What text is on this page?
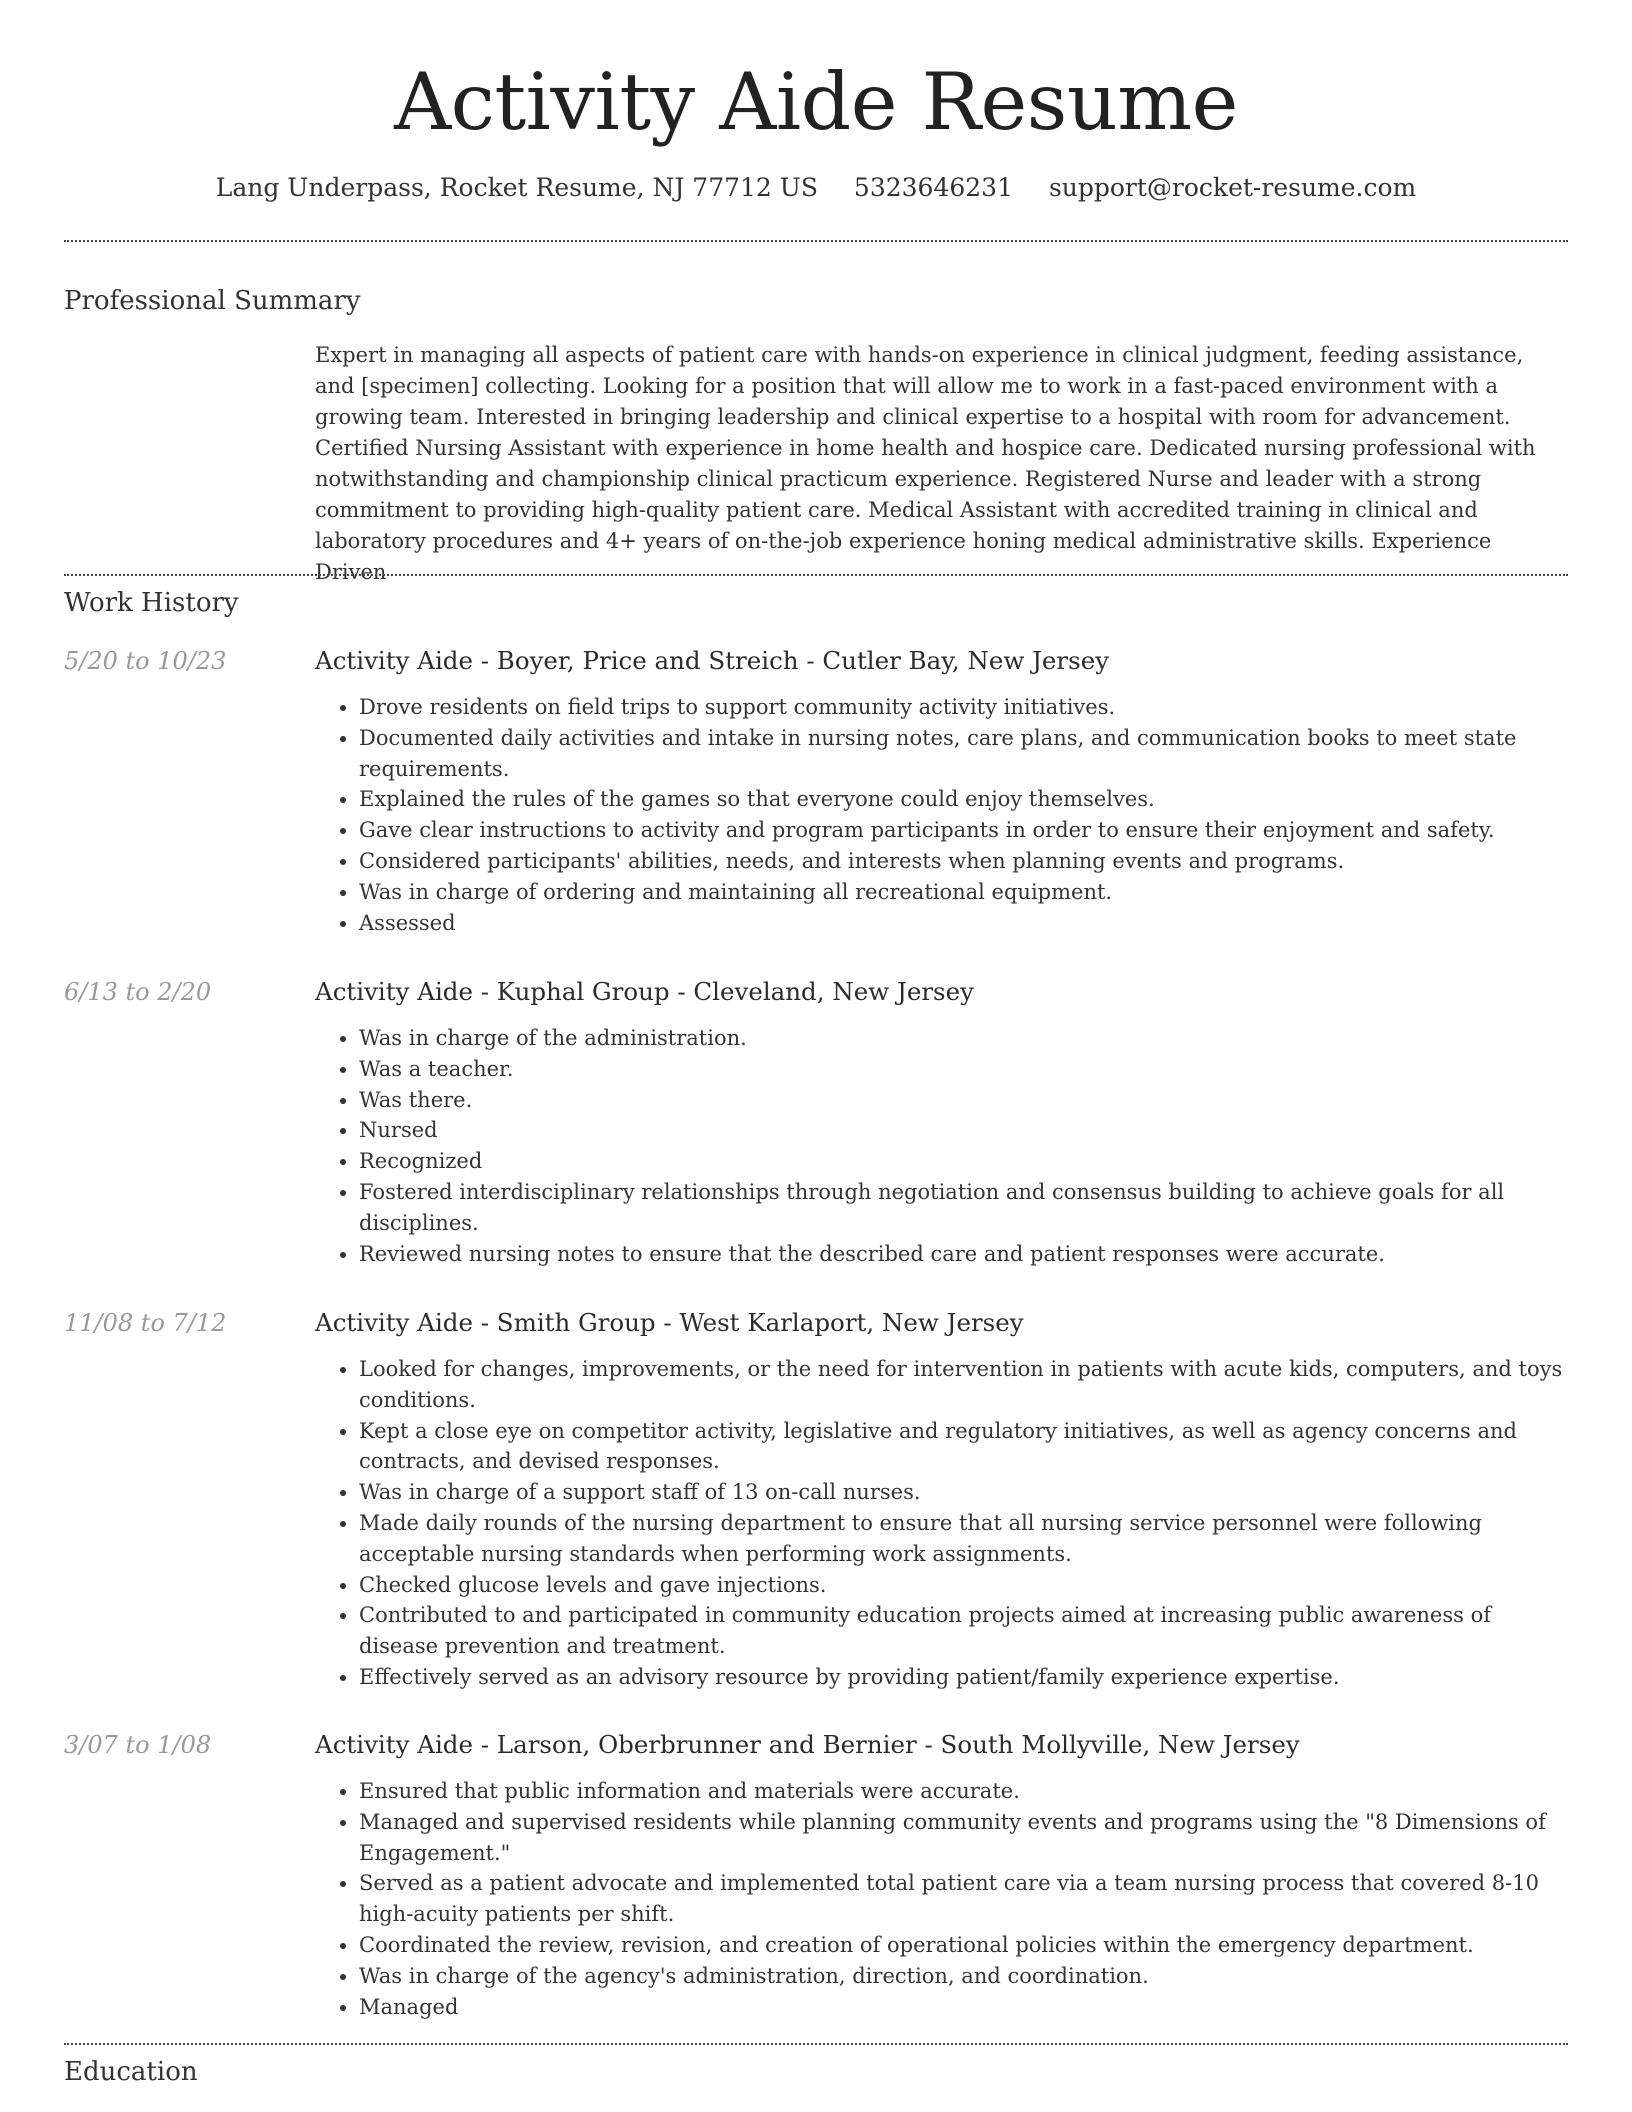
Activity Aide Resume
Lang Underpass, Rocket Resume, NJ 77712 US 5323646231 support@rocket-resume.com
Professional Summary

Expert in managing all aspects of patient care with hands-on experience in clinical judgment, feeding assistance, and [specimen] collecting. Looking for a position that will allow me to work in a fast-paced environment with a growing team. Interested in bringing leadership and clinical expertise to a hospital with room for advancement. Certified Nursing Assistant with experience in home health and hospice care. Dedicated nursing professional with notwithstanding and championship clinical practicum experience. Registered Nurse and leader with a strong commitment to providing high-quality patient care. Medical Assistant with accredited training in clinical and laboratory procedures and 4+ years of on-the-job experience honing medical administrative skills. Experience Driven

Work History
5/20 to 10/23	Activity Aide - Boyer, Price and Streich - Cutler Bay, New Jersey
• Drove residents on field trips to support community activity initiatives.
• Documented daily activities and intake in nursing notes, care plans, and communication books to meet state requirements.
• Explained the rules of the games so that everyone could enjoy themselves.
• Gave clear instructions to activity and program participants in order to ensure their enjoyment and safety.
• Considered participants' abilities, needs, and interests when planning events and programs.
• Was in charge of ordering and maintaining all recreational equipment.
• Assessed
6/13 to 2/20	Activity Aide - Kuphal Group - Cleveland, New Jersey
• Was in charge of the administration.
• Was a teacher.
• Was there.
• Nursed
• Recognized
• Fostered interdisciplinary relationships through negotiation and consensus building to achieve goals for all disciplines.
• Reviewed nursing notes to ensure that the described care and patient responses were accurate.
11/08 to 7/12	Activity Aide - Smith Group - West Karlaport, New Jersey
• Looked for changes, improvements, or the need for intervention in patients with acute kids, computers, and toys conditions.
• Kept a close eye on competitor activity, legislative and regulatory initiatives, as well as agency concerns and contracts, and devised responses.
• Was in charge of a support staff of 13 on-call nurses.
• Made daily rounds of the nursing department to ensure that all nursing service personnel were following acceptable nursing standards when performing work assignments.
• Checked glucose levels and gave injections.
• Contributed to and participated in community education projects aimed at increasing public awareness of disease prevention and treatment.
• Effectively served as an advisory resource by providing patient/family experience expertise.
3/07 to 1/08	Activity Aide - Larson, Oberbrunner and Bernier - South Mollyville, New Jersey
• Ensured that public information and materials were accurate.
• Managed and supervised residents while planning community events and programs using the "8 Dimensions of Engagement."
• Served as a patient advocate and implemented total patient care via a team nursing process that covered 8-10 high-acuity patients per shift.
• Coordinated the review, revision, and creation of operational policies within the emergency department.
• Was in charge of the agency's administration, direction, and coordination.
• Managed
Education
